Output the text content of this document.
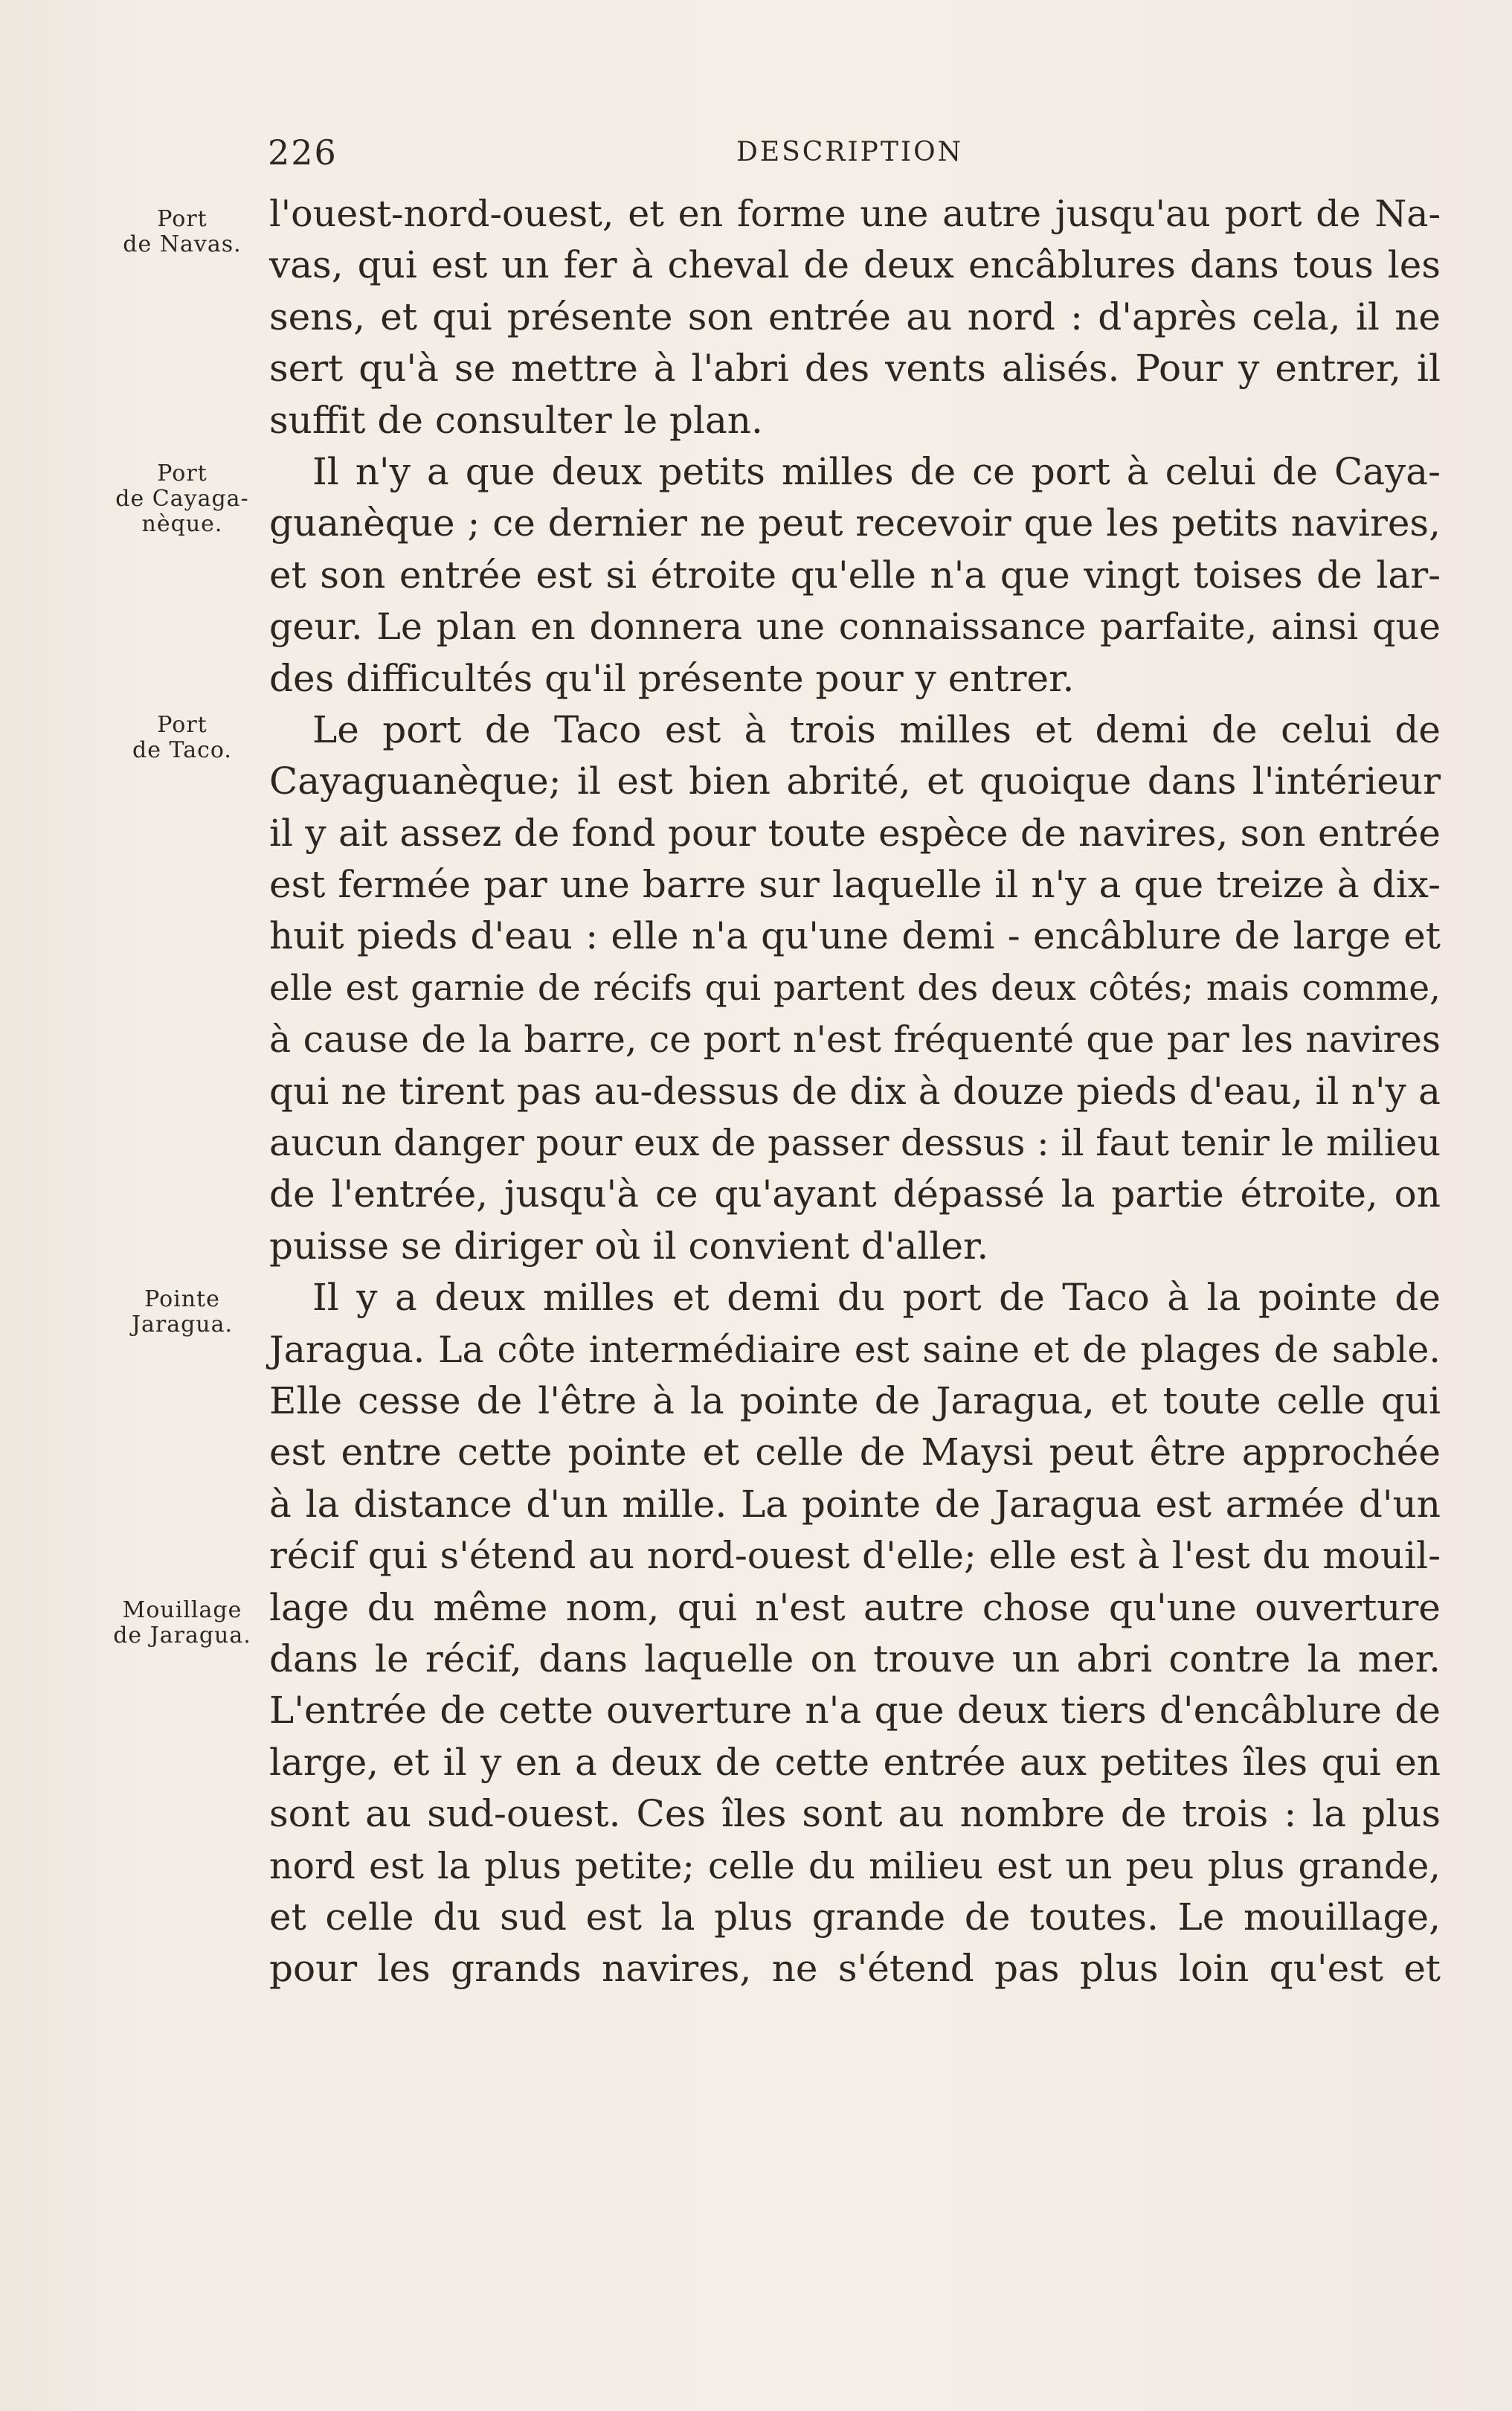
226	DESCRIPTION
Port
de Navas.
Port
de Cayaga-
nèque.
Port
de Taco.
Pointe
Jaragua.
Mouillage
de Jaragua.
l'ouest-nord-ouest, et en forme une autre jusqu'au port de Na-
vas, qui est un fer à cheval de deux encâblures dans tous les
sens, et qui présente son entrée au nord : d'après cela, il ne
sert qu'à se mettre à l'abri des vents alisés. Pour y entrer, il
suffit de consulter le plan.
Il n'y a que deux petits milles de ce port à celui de Caya-
guanèque ; ce dernier ne peut recevoir que les petits navires,
et son entrée est si étroite qu'elle n'a que vingt toises de lar-
geur. Le plan en donnera une connaissance parfaite, ainsi que
des difficultés qu'il présente pour y entrer.
Le port de Taco est à trois milles et demi de celui de
Cayaguanèque; il est bien abrité, et quoique dans l'intérieur
il y ait assez de fond pour toute espèce de navires, son entrée
est fermée par une barre sur laquelle il n'y a que treize à dix-
huit pieds d'eau : elle n'a qu'une demi - encâblure de large et
elle est garnie de récifs qui partent des deux côtés; mais comme,
à cause de la barre, ce port n'est fréquenté que par les navires
qui ne tirent pas au-dessus de dix à douze pieds d'eau, il n'y a
aucun danger pour eux de passer dessus : il faut tenir le milieu
de l'entrée, jusqu'à ce qu'ayant dépassé la partie étroite, on
puisse se diriger où il convient d'aller.
Il y a deux milles et demi du port de Taco à la pointe de
Jaragua. La côte intermédiaire est saine et de plages de sable.
Elle cesse de l'être à la pointe de Jaragua, et toute celle qui
est entre cette pointe et celle de Maysi peut être approchée
à la distance d'un mille. La pointe de Jaragua est armée d'un
récif qui s'étend au nord-ouest d'elle; elle est à l'est du mouil-
lage du même nom, qui n'est autre chose qu'une ouverture
dans le récif, dans laquelle on trouve un abri contre la mer.
L'entrée de cette ouverture n'a que deux tiers d'encâblure de
large, et il y en a deux de cette entrée aux petites îles qui en
sont au sud-ouest. Ces îles sont au nombre de trois : la plus
nord est la plus petite; celle du milieu est un peu plus grande,
et celle du sud est la plus grande de toutes. Le mouillage,
pour les grands navires, ne s'étend pas plus loin qu'est et
